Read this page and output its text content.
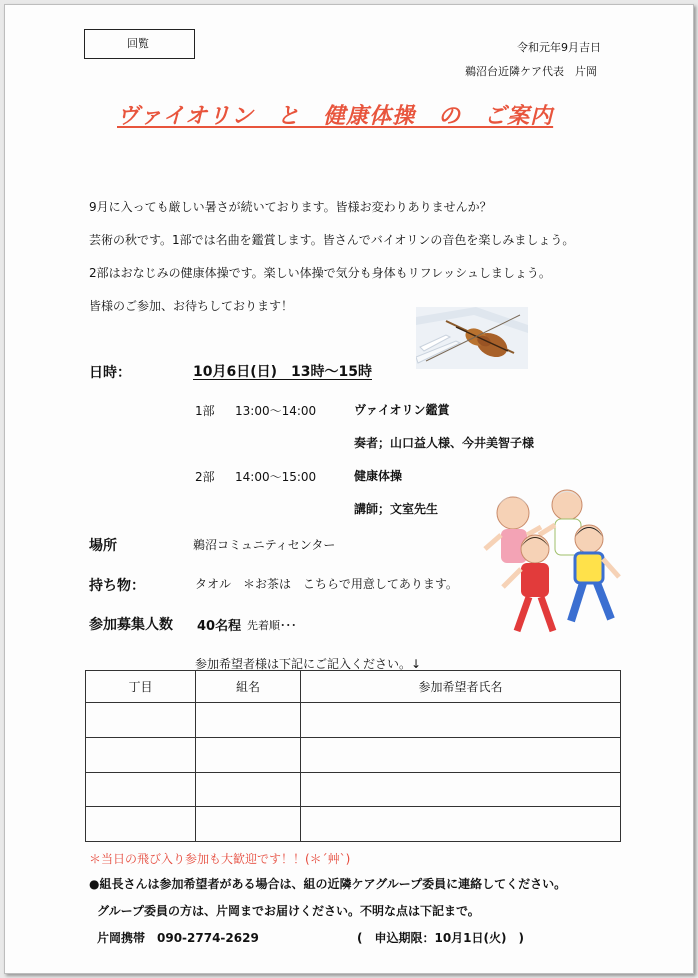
回覧	令和元年9月吉日
鵜沼台近隣ケア代表　片岡
ヴァイオリン　と　健康体操　の　ご案内
9月に入っても厳しい暑さが続いております。皆様お変わりありませんか？
芸術の秋です。1部では名曲を鑑賞します。皆さんでバイオリンの音色を楽しみましょう。
2部はおなじみの健康体操です。楽しい体操で気分も身体もリフレッシュしましょう。
皆様のご参加、お待ちしております！
日時：	10月6日(日)　13時～15時
1部 13:00～14:00	ヴァイオリン鑑賞
奏者；山口益人様、今井美智子様
2部 14:00～15:00	健康体操
講師；文室先生
場所	鵜沼コミュニティセンター
持ち物：	タオル　＊お茶は　こちらで用意してあります。
参加募集人数 40名程 先着順･･･
参加希望者様は下記にご記入ください。↓
丁目	組名	参加希望者氏名

＊当日の飛び入り参加も大歓迎です！！(＊´艸`)
●組長さんは参加希望者がある場合は、組の近隣ケアグループ委員に連絡してください。
グループ委員の方は、片岡までお届けください。不明な点は下記まで。
片岡携帯　090-2774-2629	(　申込期限：10月1日(火)　)
